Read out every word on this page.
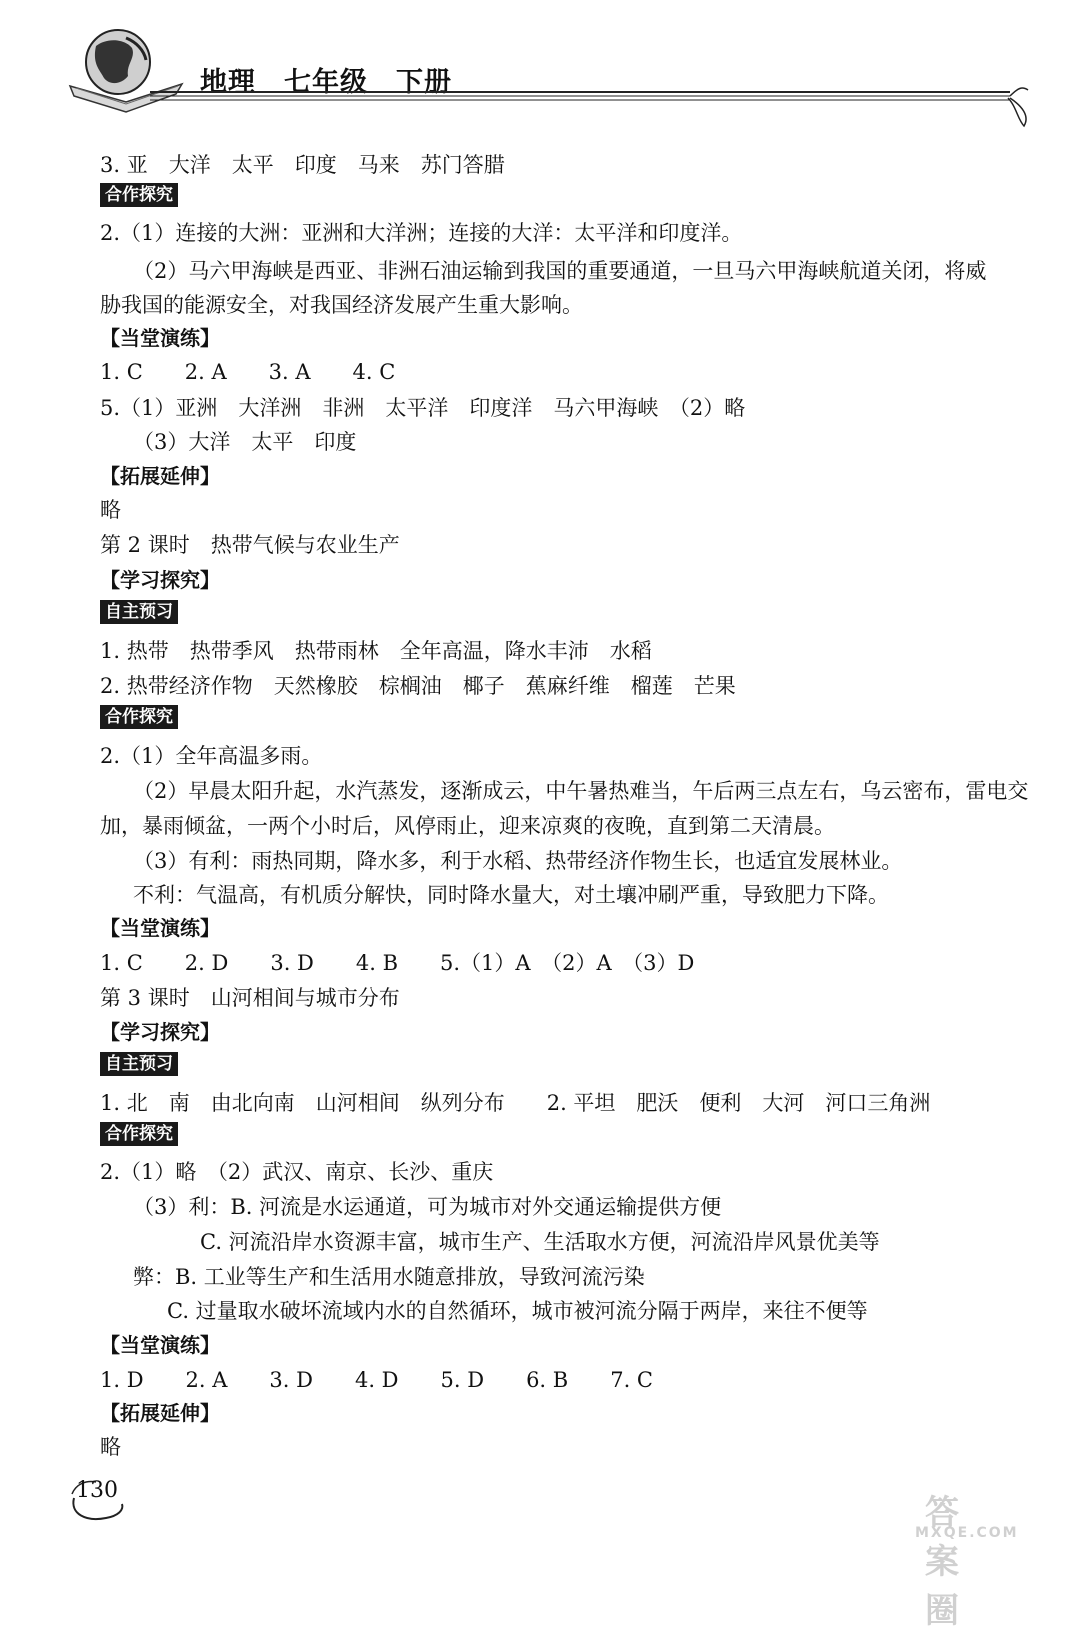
地理　七年级　下册
3. 亚　大洋　太平　印度　马来　苏门答腊
合作探究
2.（1）连接的大洲：亚洲和大洋洲；连接的大洋：太平洋和印度洋。
（2）马六甲海峡是西亚、非洲石油运输到我国的重要通道，一旦马六甲海峡航道关闭，将威
胁我国的能源安全，对我国经济发展产生重大影响。
【当堂演练】
1. C　　2. A　　3. A　　4. C
5.（1）亚洲　大洋洲　非洲　太平洋　印度洋　马六甲海峡　（2）略
（3）大洋　太平　印度
【拓展延伸】
略
第 2 课时　热带气候与农业生产
【学习探究】
自主预习
1. 热带　热带季风　热带雨林　全年高温，降水丰沛　水稻
2. 热带经济作物　天然橡胶　棕榈油　椰子　蕉麻纤维　榴莲　芒果
合作探究
2.（1）全年高温多雨。
（2）早晨太阳升起，水汽蒸发，逐渐成云，中午暑热难当，午后两三点左右，乌云密布，雷电交
加，暴雨倾盆，一两个小时后，风停雨止，迎来凉爽的夜晚，直到第二天清晨。
（3）有利：雨热同期，降水多，利于水稻、热带经济作物生长，也适宜发展林业。
不利：气温高，有机质分解快，同时降水量大，对土壤冲刷严重，导致肥力下降。
【当堂演练】
1. C　　2. D　　3. D　　4. B　　5.（1）A　（2）A　（3）D
第 3 课时　山河相间与城市分布
【学习探究】
自主预习
1. 北　南　由北向南　山河相间　纵列分布　　2. 平坦　肥沃　便利　大河　河口三角洲
合作探究
2.（1）略　（2）武汉、南京、长沙、重庆
（3）利：B. 河流是水运通道，可为城市对外交通运输提供方便
C. 河流沿岸水资源丰富，城市生产、生活取水方便，河流沿岸风景优美等
弊：B. 工业等生产和生活用水随意排放，导致河流污染
C. 过量取水破坏流域内水的自然循环，城市被河流分隔于两岸，来往不便等
【当堂演练】
1. D　　2. A　　3. D　　4. D　　5. D　　6. B　　7. C
【拓展延伸】
略
130
答案圈
MXQE.COM
